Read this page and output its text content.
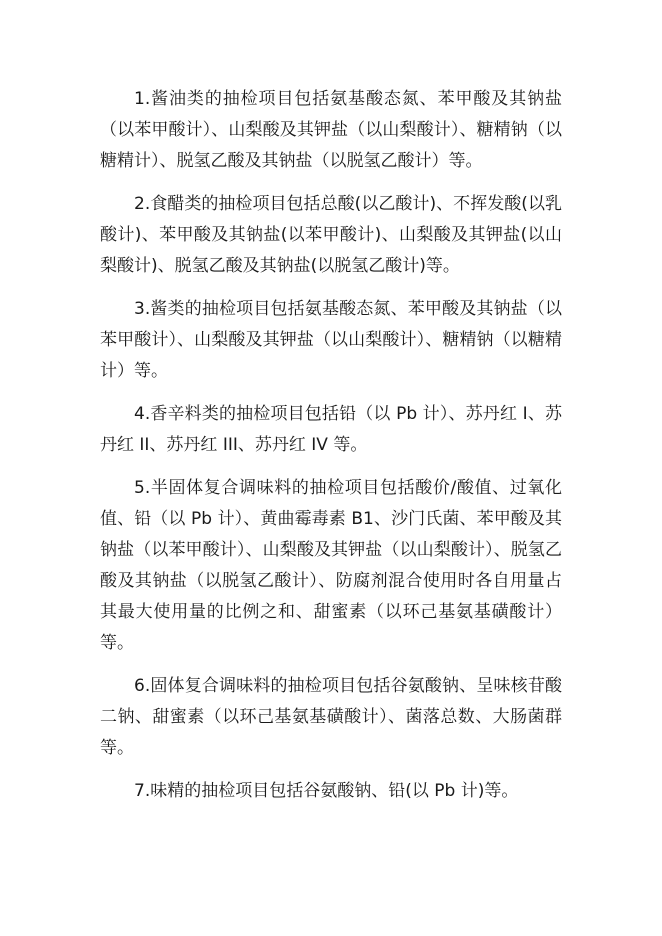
1.酱油类的抽检项目包括氨基酸态氮、苯甲酸及其钠盐（以苯甲酸计）、山梨酸及其钾盐（以山梨酸计）、糖精钠（以糖精计）、脱氢乙酸及其钠盐（以脱氢乙酸计）等。

2.食醋类的抽检项目包括总酸(以乙酸计)、不挥发酸(以乳酸计)、苯甲酸及其钠盐(以苯甲酸计)、山梨酸及其钾盐(以山梨酸计)、脱氢乙酸及其钠盐(以脱氢乙酸计)等。

3.酱类的抽检项目包括氨基酸态氮、苯甲酸及其钠盐（以苯甲酸计）、山梨酸及其钾盐（以山梨酸计）、糖精钠（以糖精计）等。

4.香辛料类的抽检项目包括铅（以 Pb 计）、苏丹红 I、苏丹红 II、苏丹红 III、苏丹红 IV 等。

5.半固体复合调味料的抽检项目包括酸价/酸值、过氧化值、铅（以 Pb 计）、黄曲霉毒素 B1、沙门氏菌、苯甲酸及其钠盐（以苯甲酸计）、山梨酸及其钾盐（以山梨酸计）、脱氢乙酸及其钠盐（以脱氢乙酸计）、防腐剂混合使用时各自用量占其最大使用量的比例之和、甜蜜素（以环己基氨基磺酸计）等。

6.固体复合调味料的抽检项目包括谷氨酸钠、呈味核苷酸二钠、甜蜜素（以环己基氨基磺酸计）、菌落总数、大肠菌群等。

7.味精的抽检项目包括谷氨酸钠、铅(以 Pb 计)等。
